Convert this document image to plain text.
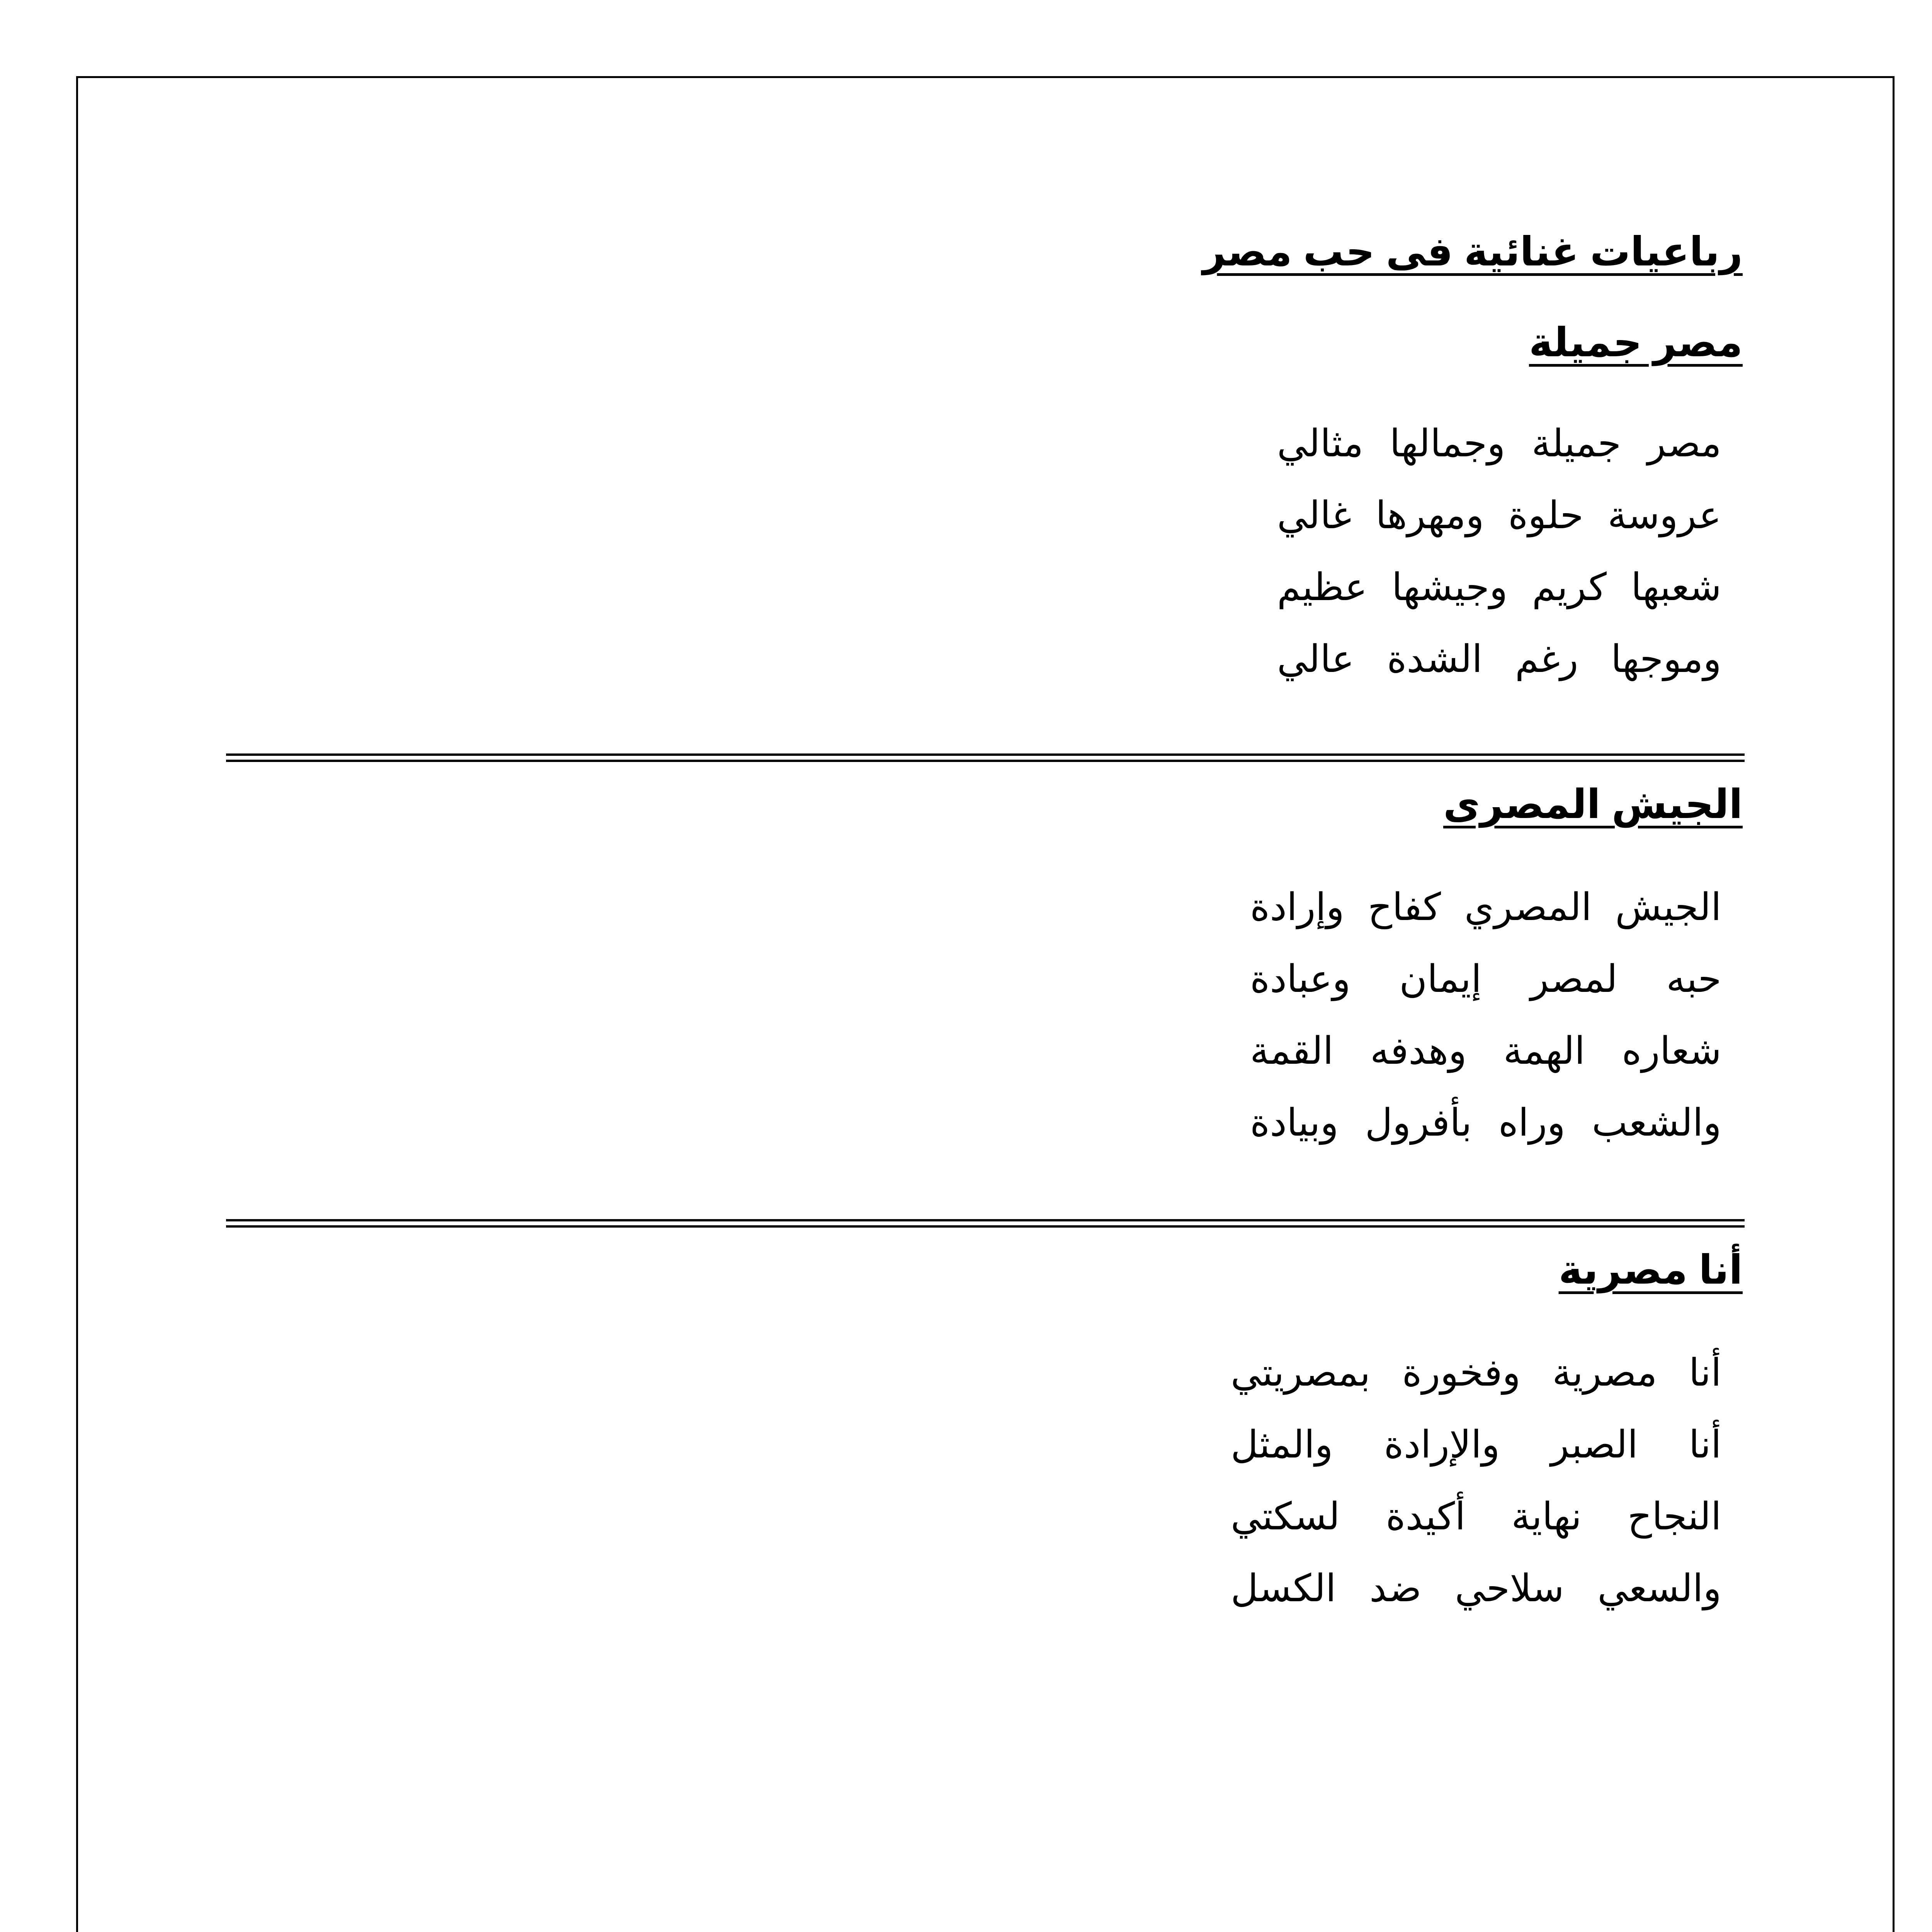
رباعيات غنائية فى حب مصر
مصر جميلة
مصر جميلة وجمالها مثالي
عروسة حلوة ومهرها غالي
شعبها كريم وجيشها عظيم
وموجها رغم الشدة عالي
الجيش المصرى
الجيش المصري كفاح وإرادة
حبه لمصر إيمان وعبادة
شعاره الهمة وهدفه القمة
والشعب وراه بأفرول وبيادة
أنا مصرية
أنا مصرية وفخورة بمصريتي
أنا الصبر والإرادة والمثل
النجاح نهاية أكيدة لسكتي
والسعي سلاحي ضد الكسل
